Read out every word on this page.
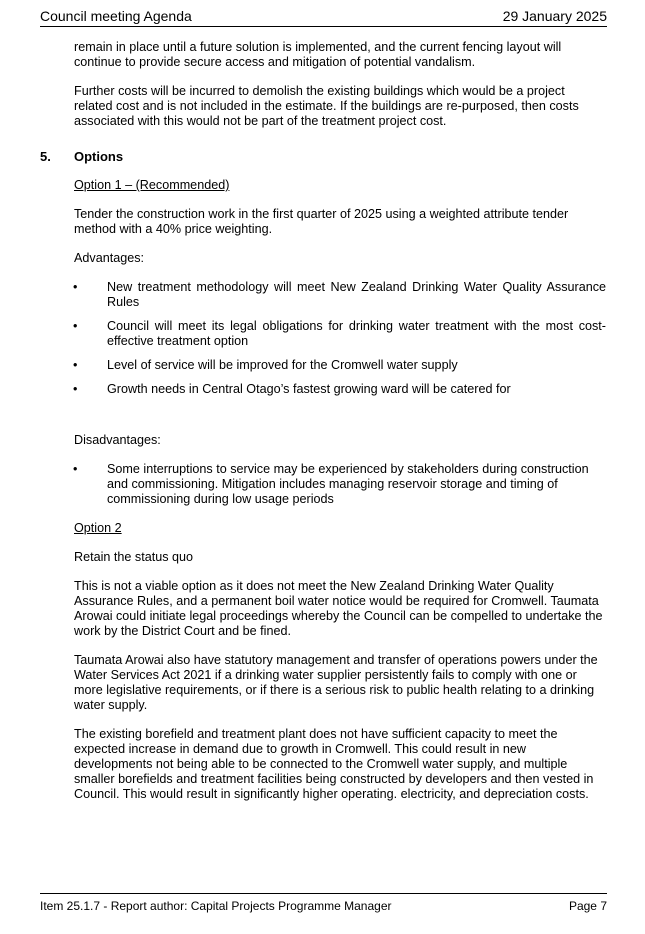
Council meeting Agenda	29 January 2025

remain in place until a future solution is implemented, and the current fencing layout will continue to provide secure access and mitigation of potential vandalism.

Further costs will be incurred to demolish the existing buildings which would be a project related cost and is not included in the estimate. If the buildings are re-purposed, then costs associated with this would not be part of the treatment project cost.

5. Options

Option 1 – (Recommended)

Tender the construction work in the first quarter of 2025 using a weighted attribute tender method with a 40% price weighting.

Advantages:

• New treatment methodology will meet New Zealand Drinking Water Quality Assurance Rules
• Council will meet its legal obligations for drinking water treatment with the most cost-effective treatment option
• Level of service will be improved for the Cromwell water supply
• Growth needs in Central Otago’s fastest growing ward will be catered for

Disadvantages:

• Some interruptions to service may be experienced by stakeholders during construction and commissioning. Mitigation includes managing reservoir storage and timing of commissioning during low usage periods

Option 2

Retain the status quo

This is not a viable option as it does not meet the New Zealand Drinking Water Quality Assurance Rules, and a permanent boil water notice would be required for Cromwell. Taumata Arowai could initiate legal proceedings whereby the Council can be compelled to undertake the work by the District Court and be fined.

Taumata Arowai also have statutory management and transfer of operations powers under the Water Services Act 2021 if a drinking water supplier persistently fails to comply with one or more legislative requirements, or if there is a serious risk to public health relating to a drinking water supply.

The existing borefield and treatment plant does not have sufficient capacity to meet the expected increase in demand due to growth in Cromwell. This could result in new developments not being able to be connected to the Cromwell water supply, and multiple smaller borefields and treatment facilities being constructed by developers and then vested in Council. This would result in significantly higher operating. electricity, and depreciation costs.

Item 25.1.7 - Report author: Capital Projects Programme Manager	Page 7
